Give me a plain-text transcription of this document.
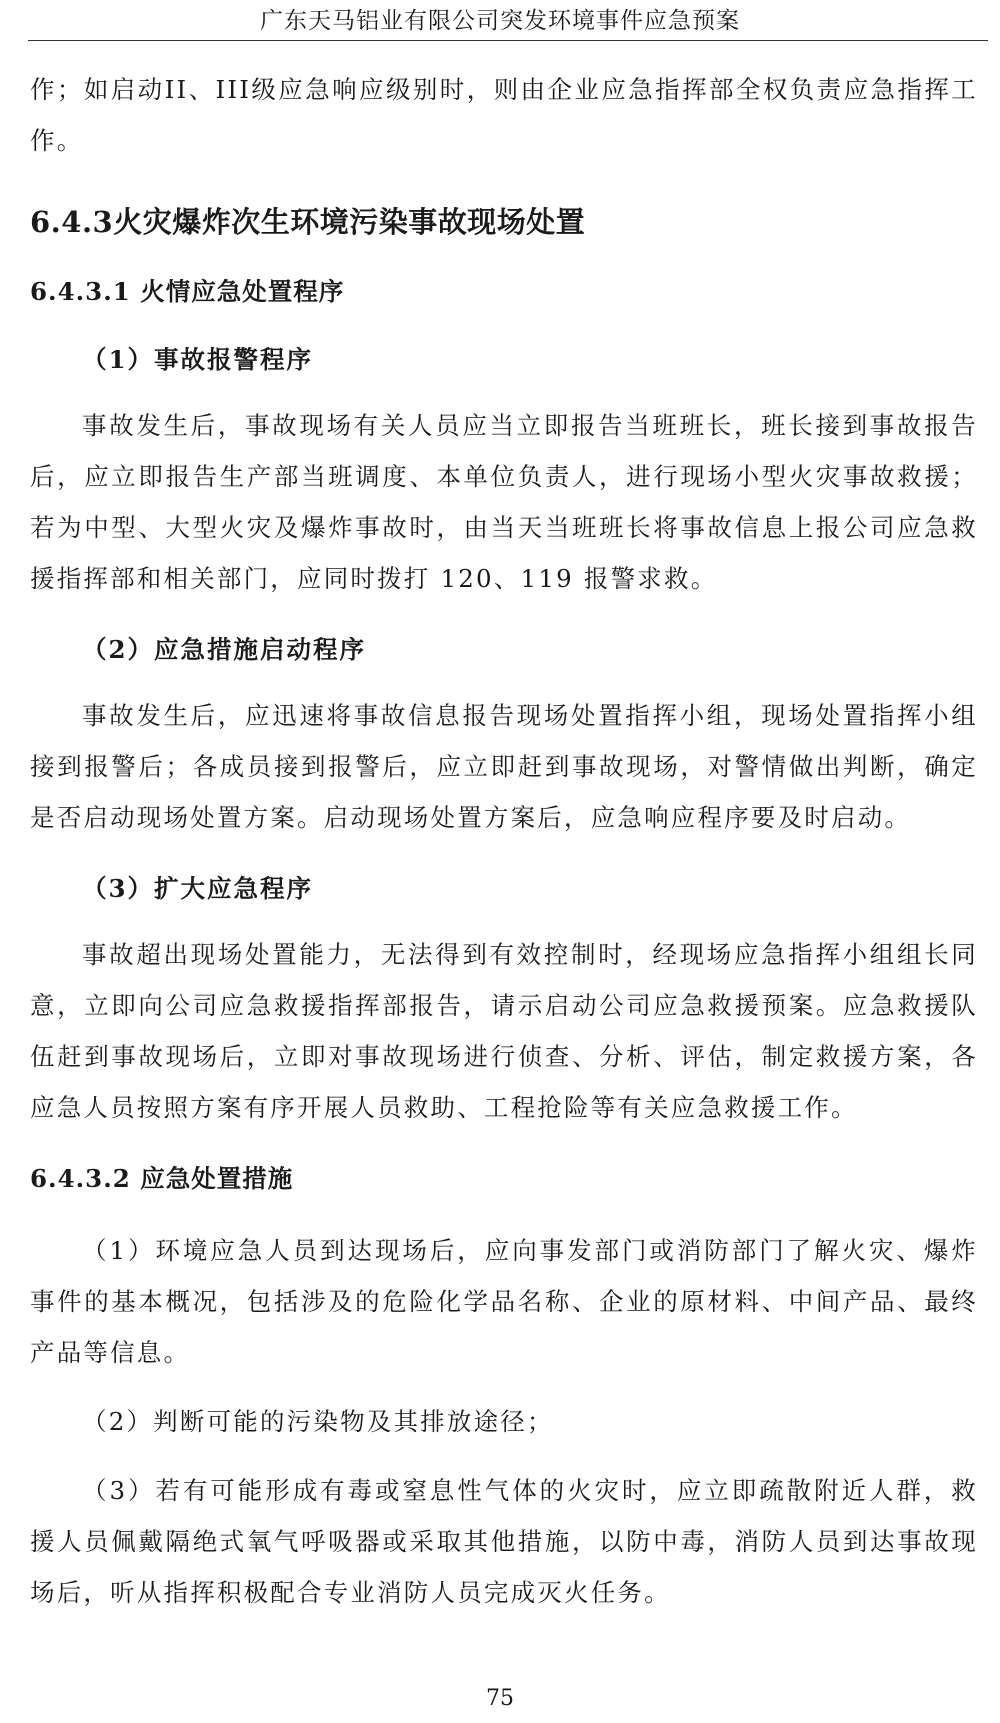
广东天马铝业有限公司突发环境事件应急预案

作；如启动II、III级应急响应级别时，则由企业应急指挥部全权负责应急指挥工作。

6.4.3火灾爆炸次生环境污染事故现场处置
6.4.3.1 火情应急处置程序
（1）事故报警程序

事故发生后，事故现场有关人员应当立即报告当班班长，班长接到事故报告后，应立即报告生产部当班调度、本单位负责人，进行现场小型火灾事故救援；若为中型、大型火灾及爆炸事故时，由当天当班班长将事故信息上报公司应急救援指挥部和相关部门，应同时拨打 120、119 报警求救。

（2）应急措施启动程序

事故发生后，应迅速将事故信息报告现场处置指挥小组，现场处置指挥小组接到报警后；各成员接到报警后，应立即赶到事故现场，对警情做出判断，确定是否启动现场处置方案。启动现场处置方案后，应急响应程序要及时启动。

（3）扩大应急程序

事故超出现场处置能力，无法得到有效控制时，经现场应急指挥小组组长同意，立即向公司应急救援指挥部报告，请示启动公司应急救援预案。应急救援队伍赶到事故现场后，立即对事故现场进行侦查、分析、评估，制定救援方案，各应急人员按照方案有序开展人员救助、工程抢险等有关应急救援工作。

6.4.3.2 应急处置措施

（1）环境应急人员到达现场后，应向事发部门或消防部门了解火灾、爆炸事件的基本概况，包括涉及的危险化学品名称、企业的原材料、中间产品、最终产品等信息。

（2）判断可能的污染物及其排放途径；

（3）若有可能形成有毒或窒息性气体的火灾时，应立即疏散附近人群，救援人员佩戴隔绝式氧气呼吸器或采取其他措施，以防中毒，消防人员到达事故现场后，听从指挥积极配合专业消防人员完成灭火任务。

75
